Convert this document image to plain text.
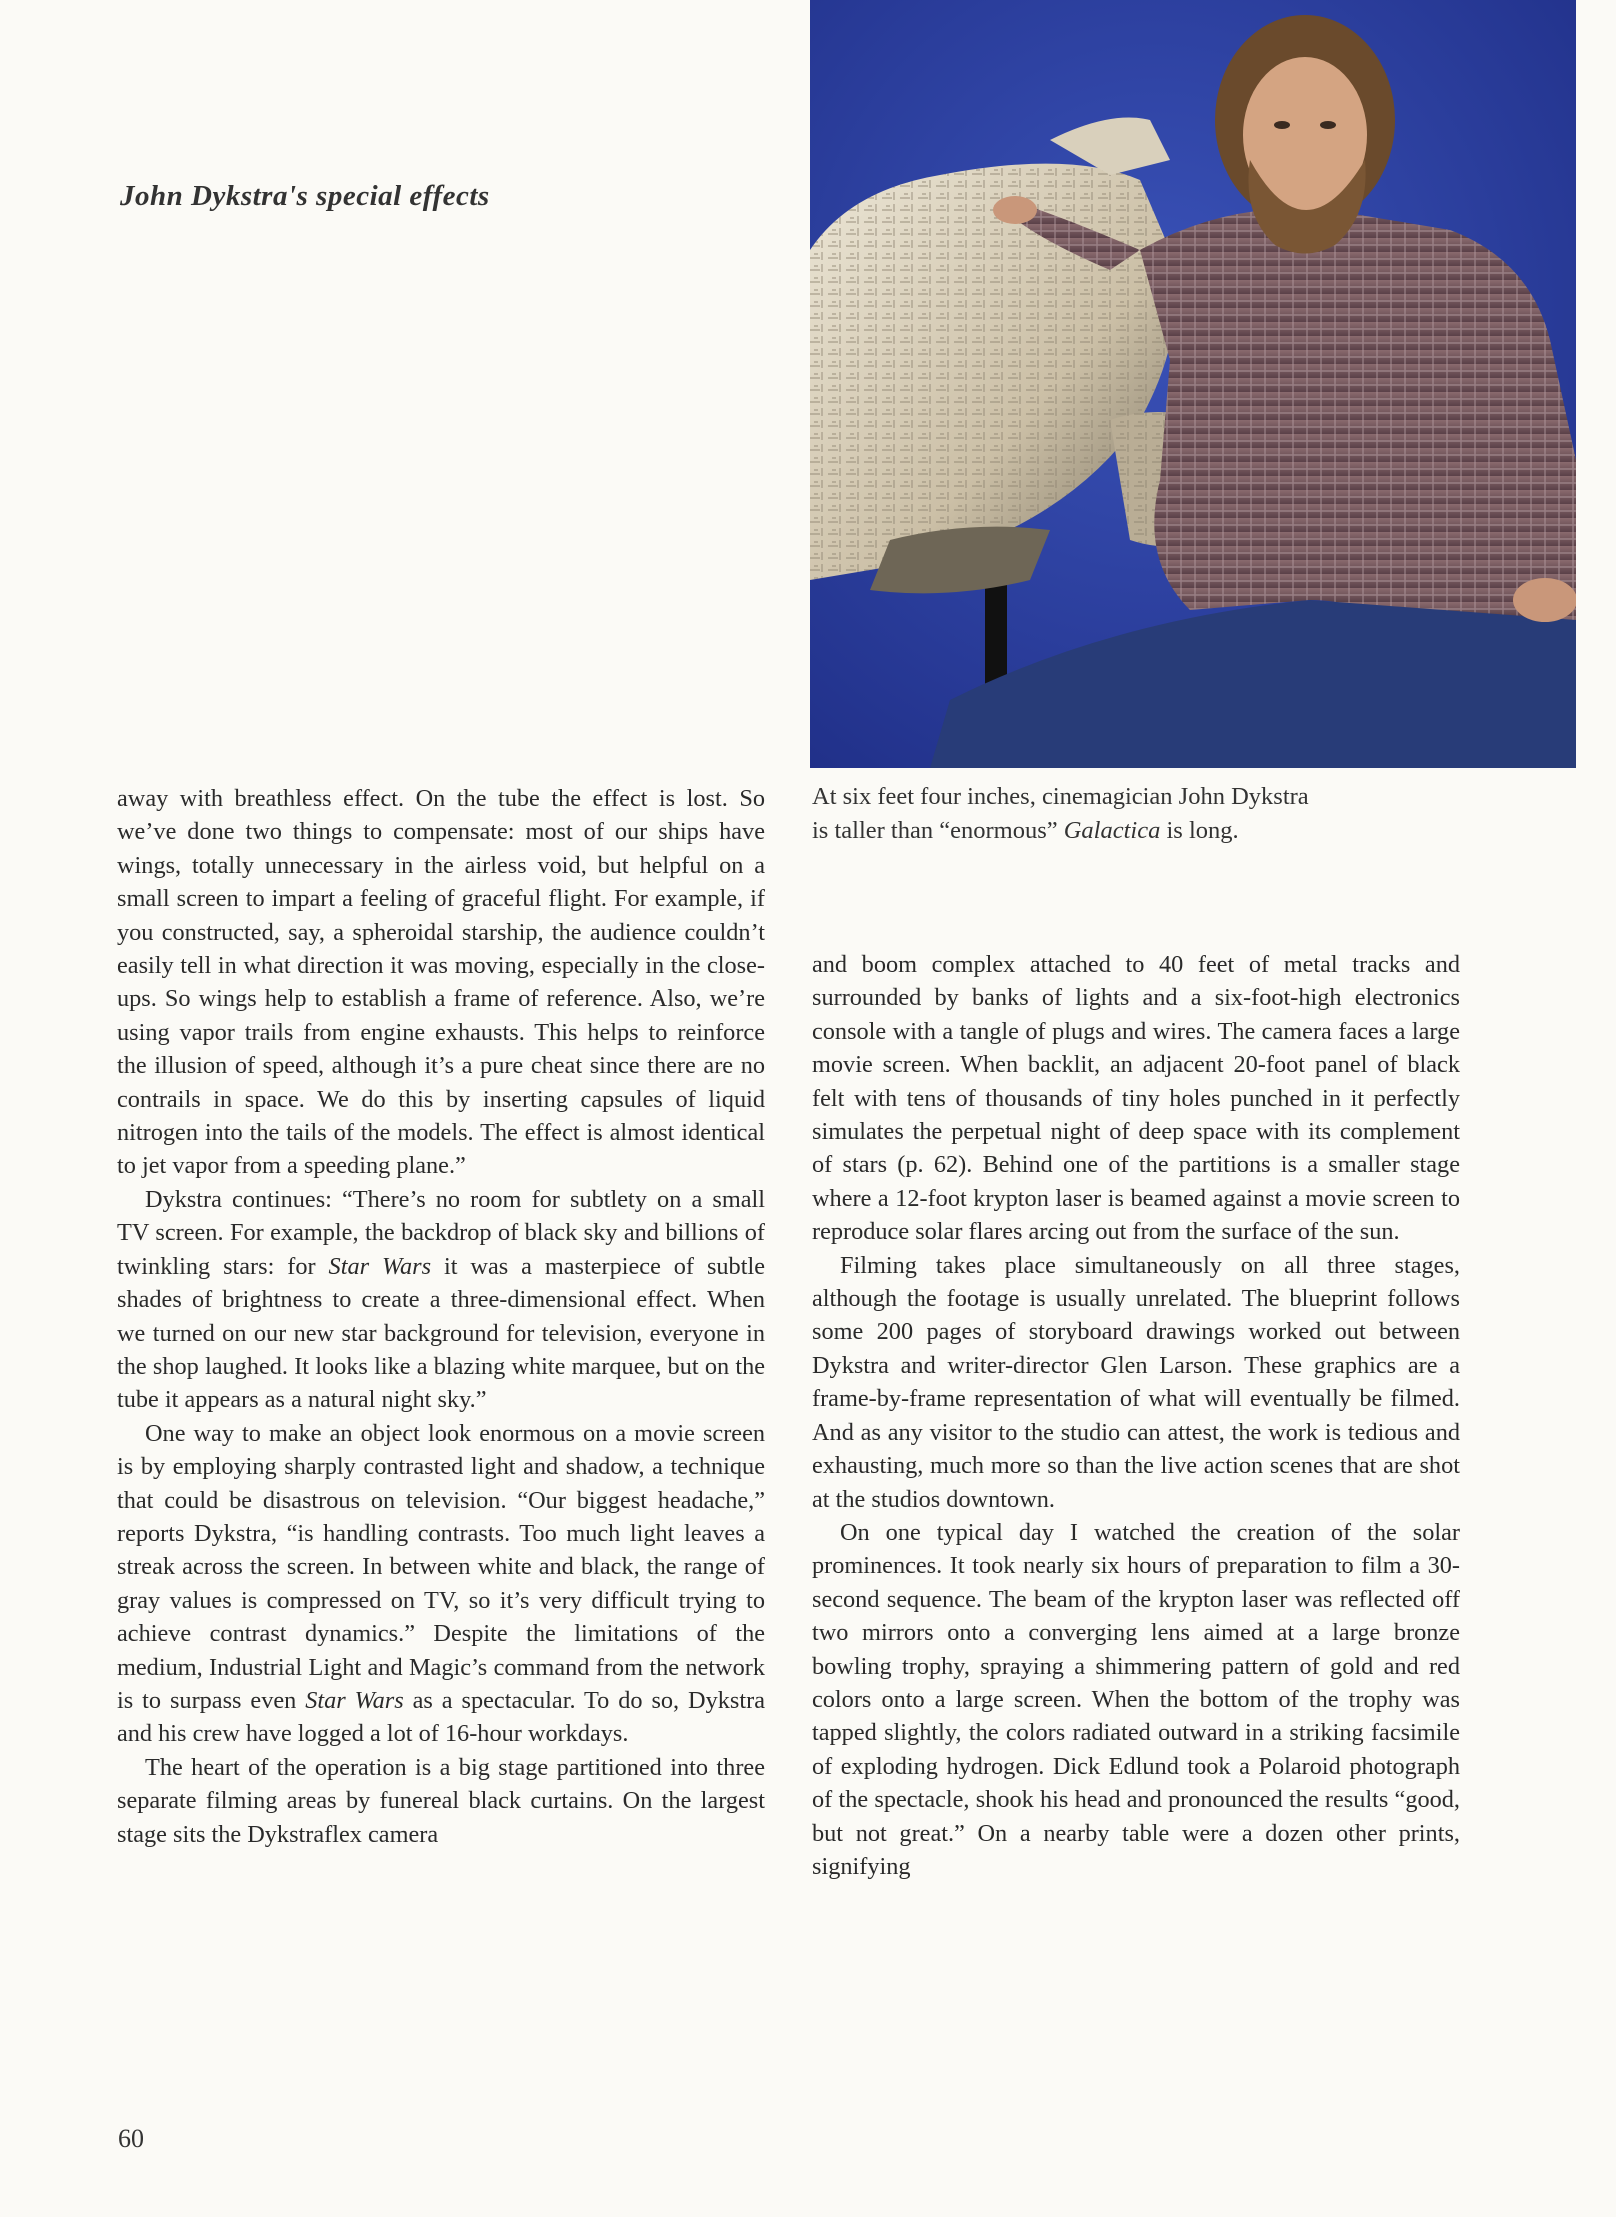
John Dykstra's special effects

At six feet four inches, cinemagician John Dykstra
is taller than “enormous” Galactica is long.

away with breathless effect. On the tube the effect is lost. So we’ve done two things to compensate: most of our ships have wings, totally unnecessary in the airless void, but helpful on a small screen to impart a feeling of graceful flight. For example, if you constructed, say, a spheroidal starship, the audience couldn’t easily tell in what direction it was moving, especially in the close-ups. So wings help to establish a frame of reference. Also, we’re using vapor trails from engine exhausts. This helps to reinforce the illusion of speed, although it’s a pure cheat since there are no contrails in space. We do this by inserting capsules of liquid nitrogen into the tails of the models. The effect is almost identical to jet vapor from a speeding plane.”

Dykstra continues: “There’s no room for subtlety on a small TV screen. For example, the backdrop of black sky and billions of twinkling stars: for Star Wars it was a masterpiece of subtle shades of brightness to create a three-dimensional effect. When we turned on our new star background for television, everyone in the shop laughed. It looks like a blazing white marquee, but on the tube it appears as a natural night sky.”

One way to make an object look enormous on a movie screen is by employing sharply contrasted light and shadow, a technique that could be disastrous on television. “Our biggest headache,” reports Dykstra, “is handling contrasts. Too much light leaves a streak across the screen. In between white and black, the range of gray values is compressed on TV, so it’s very difficult trying to achieve contrast dynamics.” Despite the limitations of the medium, Industrial Light and Magic’s command from the network is to surpass even Star Wars as a spectacular. To do so, Dykstra and his crew have logged a lot of 16-hour workdays.

The heart of the operation is a big stage partitioned into three separate filming areas by funereal black curtains. On the largest stage sits the Dykstraflex camera

and boom complex attached to 40 feet of metal tracks and surrounded by banks of lights and a six-foot-high electronics console with a tangle of plugs and wires. The camera faces a large movie screen. When backlit, an adjacent 20-foot panel of black felt with tens of thousands of tiny holes punched in it perfectly simulates the perpetual night of deep space with its complement of stars (p. 62). Behind one of the partitions is a smaller stage where a 12-foot krypton laser is beamed against a movie screen to reproduce solar flares arcing out from the surface of the sun.

Filming takes place simultaneously on all three stages, although the footage is usually unrelated. The blueprint follows some 200 pages of storyboard drawings worked out between Dykstra and writer-director Glen Larson. These graphics are a frame-by-frame representation of what will eventually be filmed. And as any visitor to the studio can attest, the work is tedious and exhausting, much more so than the live action scenes that are shot at the studios downtown.

On one typical day I watched the creation of the solar prominences. It took nearly six hours of preparation to film a 30-second sequence. The beam of the krypton laser was reflected off two mirrors onto a converging lens aimed at a large bronze bowling trophy, spraying a shimmering pattern of gold and red colors onto a large screen. When the bottom of the trophy was tapped slightly, the colors radiated outward in a striking facsimile of exploding hydrogen. Dick Edlund took a Polaroid photograph of the spectacle, shook his head and pronounced the results “good, but not great.” On a nearby table were a dozen other prints, signifying

60
